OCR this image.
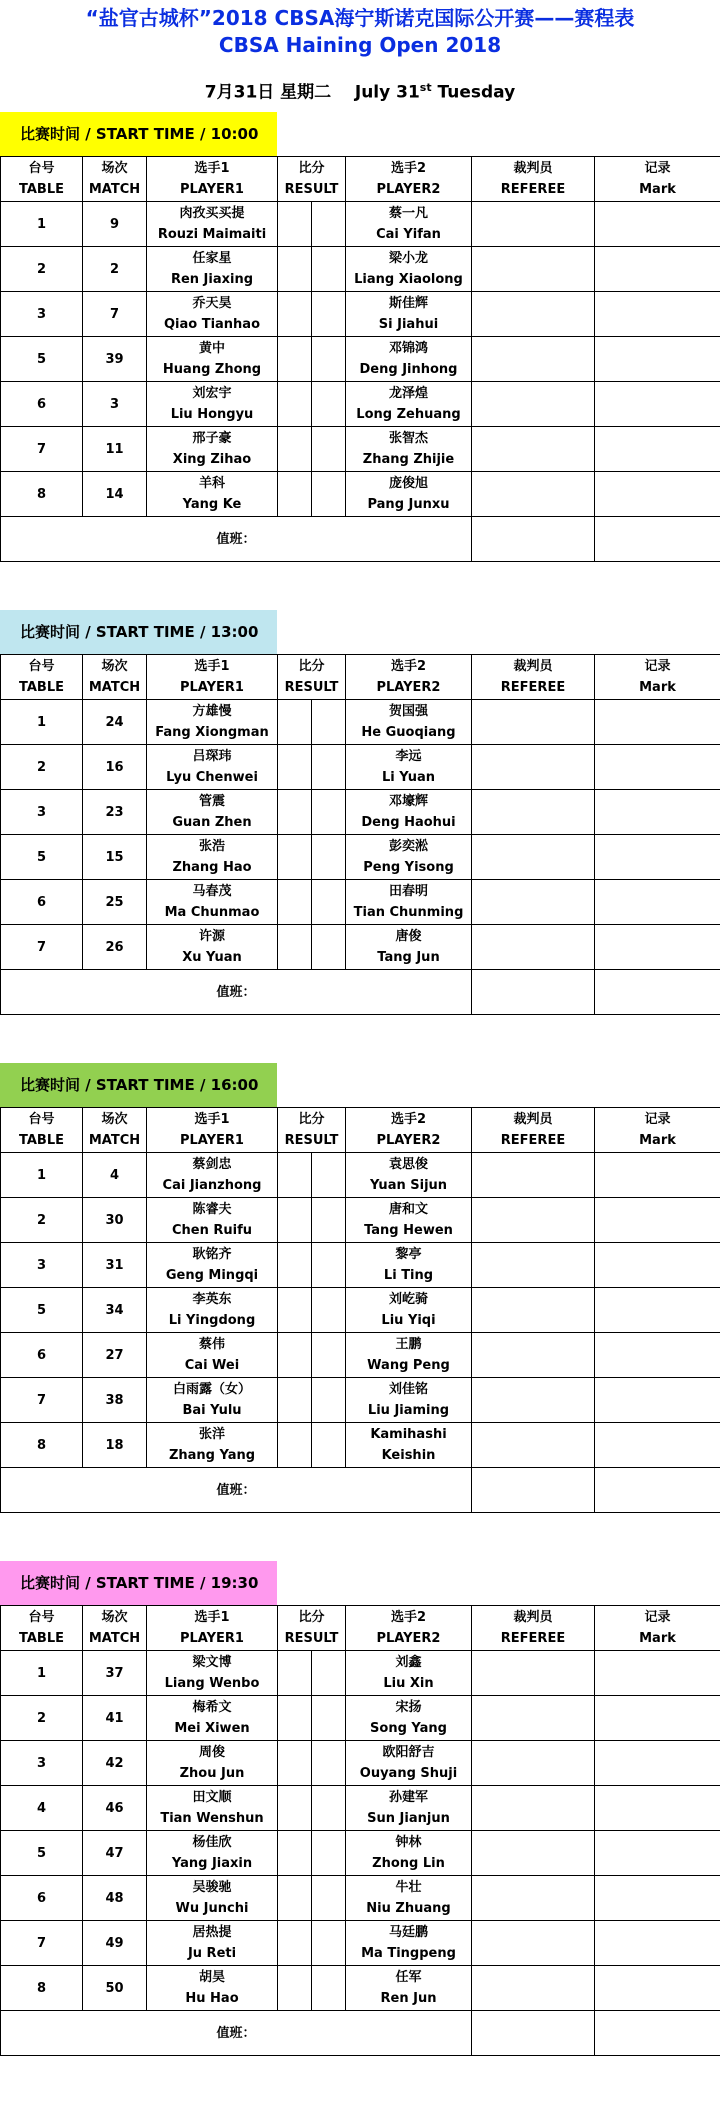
“盐官古城杯”2018 CBSA海宁斯诺克国际公开赛——赛程表
CBSA Haining Open 2018
7月31日 星期二 July 31st Tuesday
比赛时间 / START TIME / 10:00
台号
TABLE	场次
MATCH	选手1
PLAYER1	比分
RESULT		选手2
PLAYER2	裁判员
REFEREE	记录
Mark

1	9	肉孜买买提
Rouzi Maimaiti			蔡一凡
Cai Yifan		

2	2	任家星
Ren Jiaxing			梁小龙
Liang Xiaolong		

3	7	乔天昊
Qiao Tianhao			斯佳辉
Si Jiahui		

5	39	黄中
Huang Zhong			邓锦鸿
Deng Jinhong		

6	3	刘宏宇
Liu Hongyu			龙泽煌
Long Zehuang		

7	11	邢子豪
Xing Zihao			张智杰
Zhang Zhijie		

8	14	羊科
Yang Ke			庞俊旭
Pang Junxu		

值班：							
比赛时间 / START TIME / 13:00
台号
TABLE	场次
MATCH	选手1
PLAYER1	比分
RESULT		选手2
PLAYER2	裁判员
REFEREE	记录
Mark

1	24	方雄慢
Fang Xiongman			贺国强
He Guoqiang		

2	16	吕琛玮
Lyu Chenwei			李远
Li Yuan		

3	23	管震
Guan Zhen			邓壕辉
Deng Haohui		

5	15	张浩
Zhang Hao			彭奕淞
Peng Yisong		

6	25	马春茂
Ma Chunmao			田春明
Tian Chunming		

7	26	许源
Xu Yuan			唐俊
Tang Jun		

值班：							
比赛时间 / START TIME / 16:00
台号
TABLE	场次
MATCH	选手1
PLAYER1	比分
RESULT		选手2
PLAYER2	裁判员
REFEREE	记录
Mark

1	4	蔡剑忠
Cai Jianzhong			袁思俊
Yuan Sijun		

2	30	陈睿夫
Chen Ruifu			唐和文
Tang Hewen		

3	31	耿铭齐
Geng Mingqi			黎亭
Li Ting		

5	34	李英东
Li Yingdong			刘屹骑
Liu Yiqi		

6	27	蔡伟
Cai Wei			王鹏
Wang Peng		

7	38	白雨露（女）
Bai Yulu			刘佳铭
Liu Jiaming		

8	18	张洋
Zhang Yang			Kamihashi
Keishin		

值班：							
比赛时间 / START TIME / 19:30
台号
TABLE	场次
MATCH	选手1
PLAYER1	比分
RESULT		选手2
PLAYER2	裁判员
REFEREE	记录
Mark

1	37	梁文博
Liang Wenbo			刘鑫
Liu Xin		

2	41	梅希文
Mei Xiwen			宋扬
Song Yang		

3	42	周俊
Zhou Jun			欧阳舒吉
Ouyang Shuji		

4	46	田文顺
Tian Wenshun			孙建军
Sun Jianjun		

5	47	杨佳欣
Yang Jiaxin			钟林
Zhong Lin		

6	48	吴骏驰
Wu Junchi			牛壮
Niu Zhuang		

7	49	居热提
Ju Reti			马廷鹏
Ma Tingpeng		

8	50	胡昊
Hu Hao			任军
Ren Jun		

值班：							
